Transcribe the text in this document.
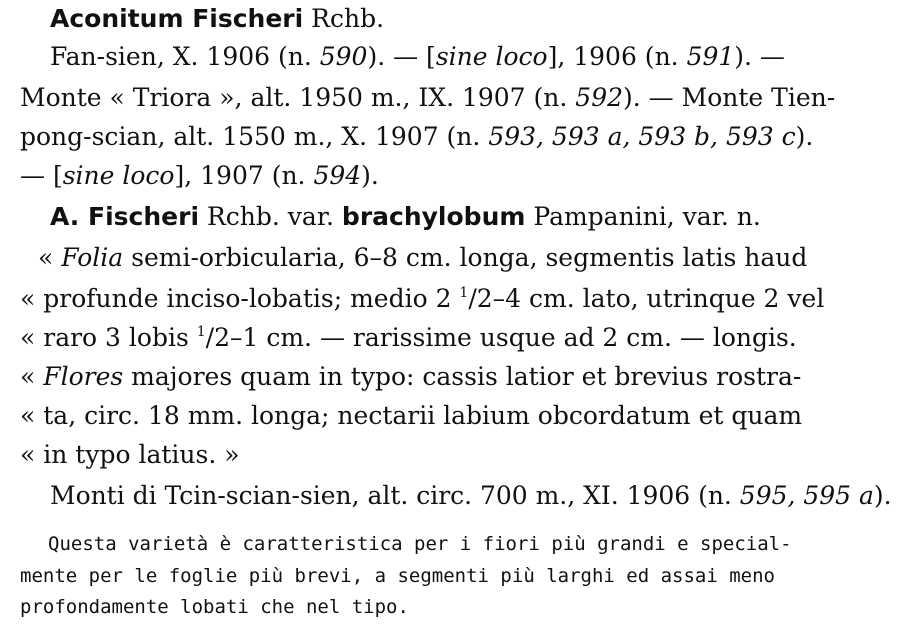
Aconitum Fischeri Rchb.
Fan-sien, X. 1906 (n. 590). — [sine loco], 1906 (n. 591). —
Monte « Triora », alt. 1950 m., IX. 1907 (n. 592). — Monte Tien-
pong-scian, alt. 1550 m., X. 1907 (n. 593, 593 a, 593 b, 593 c).
— [sine loco], 1907 (n. 594).
A. Fischeri Rchb. var. brachylobum Pampanini, var. n.
« Folia semi-orbicularia, 6–8 cm. longa, segmentis latis haud
« profunde inciso-lobatis; medio 2 $^1$/2–4 cm. lato, utrinque 2 vel
« raro 3 lobis $^1$/2–1 cm. — rarissime usque ad 2 cm. — longis.
« Flores majores quam in typo: cassis latior et brevius rostra-
« ta, circ. 18 mm. longa; nectarii labium obcordatum et quam
« in typo latius. »
Monti di Tcin-scian-sien, alt. circ. 700 m., XI. 1906 (n. 595, 595 a).
Questa varietà è caratteristica per i fiori più grandi e special-
mente per le foglie più brevi, a segmenti più larghi ed assai meno
profondamente lobati che nel tipo.
